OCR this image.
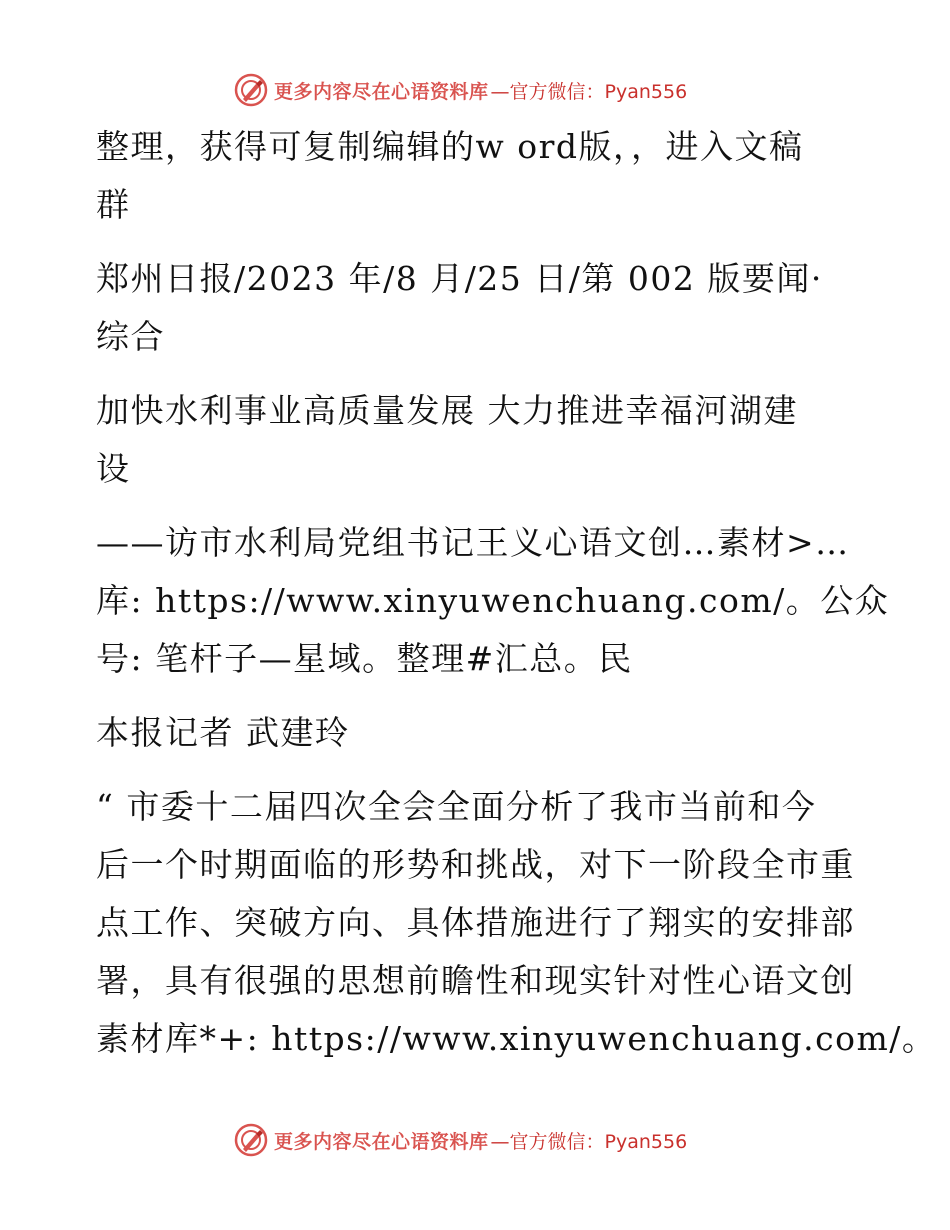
更多内容尽在心语资料库 —官方微信：Pyan556
整理，获得可复制编辑的w ord版，，进入文稿
群
郑州日报/2023 年/8 月/25 日/第 002 版要闻·
综合
加快水利事业高质量发展 大力推进幸福河湖建
设
——访市水利局党组书记王义心语文创…素材>…
库: https://www.xinyuwenchuang.com/。公众
号: 笔杆子—星域。整理#汇总。民
本报记者 武建玲
“ 市委十二届四次全会全面分析了我市当前和今
后一个时期面临的形势和挑战，对下一阶段全市重
点工作、突破方向、具体措施进行了翔实的安排部
署，具有很强的思想前瞻性和现实针对性心语文创
素材库*+: https://www.xinyuwenchuang.com/。
更多内容尽在心语资料库 —官方微信：Pyan556
